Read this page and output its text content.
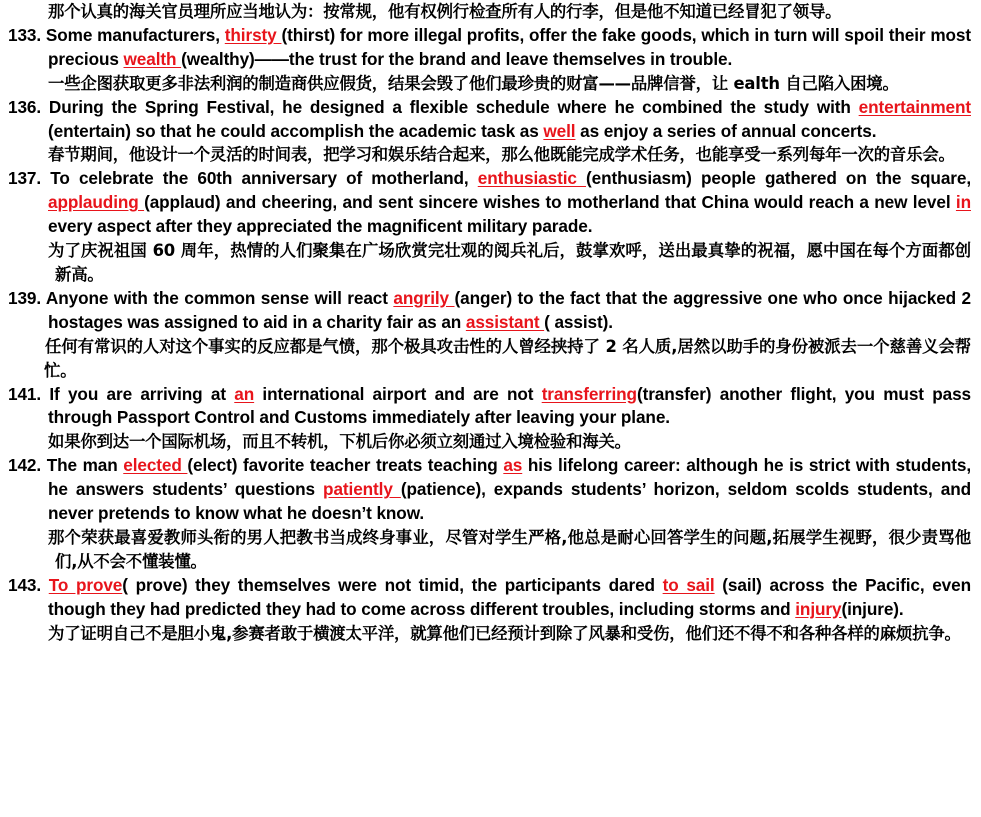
那个认真的海关官员理所应当地认为：按常规，他有权例行检查所有人的行李，但是他不知道已经冒犯了领导。

133. Some manufacturers, thirsty (thirst) for more illegal profits, offer the fake goods, which in turn will spoil their most precious wealth (wealthy)——the trust for the brand and leave themselves in trouble.

一些企图获取更多非法利润的制造商供应假货，结果会毁了他们最珍贵的财富——品牌信誉，让 ealth 自己陷入困境。

136. During the Spring Festival, he designed a flexible schedule where he combined the study with entertainment (entertain) so that he could accomplish the academic task as well as enjoy a series of annual concerts.

春节期间，他设计一个灵活的时间表，把学习和娱乐结合起来，那么他既能完成学术任务，也能享受一系列每年一次的音乐会。

137. To celebrate the 60th anniversary of motherland, enthusiastic (enthusiasm) people gathered on the square, applauding (applaud) and cheering, and sent sincere wishes to motherland that China would reach a new level in every aspect after they appreciated the magnificent military parade.

为了庆祝祖国 60 周年，热情的人们聚集在广场欣赏完壮观的阅兵礼后，鼓掌欢呼，送出最真挚的祝福，愿中国在每个方面都创新高。

139. Anyone with the common sense will react angrily (anger) to the fact that the aggressive one who once hijacked 2 hostages was assigned to aid in a charity fair as an assistant ( assist).

任何有常识的人对这个事实的反应都是气愤，那个极具攻击性的人曾经挟持了 2 名人质,居然以助手的身份被派去一个慈善义会帮忙。

141. If you are arriving at an international airport and are not transferring(transfer) another flight, you must pass through Passport Control and Customs immediately after leaving your plane.

如果你到达一个国际机场，而且不转机，下机后你必须立刻通过入境检验和海关。

142. The man elected (elect) favorite teacher treats teaching as his lifelong career: although he is strict with students, he answers students’ questions patiently (patience), expands students’ horizon, seldom scolds students, and never pretends to know what he doesn’t know.

那个荣获最喜爱教师头衔的男人把教书当成终身事业，尽管对学生严格,他总是耐心回答学生的问题,拓展学生视野，很少责骂他们,从不会不懂装懂。

143. To prove( prove) they themselves were not timid, the participants dared to sail (sail) across the Pacific, even though they had predicted they had to come across different troubles, including storms and injury(injure).

为了证明自己不是胆小鬼,参赛者敢于横渡太平洋，就算他们已经预计到除了风暴和受伤，他们还不得不和各种各样的麻烦抗争。
